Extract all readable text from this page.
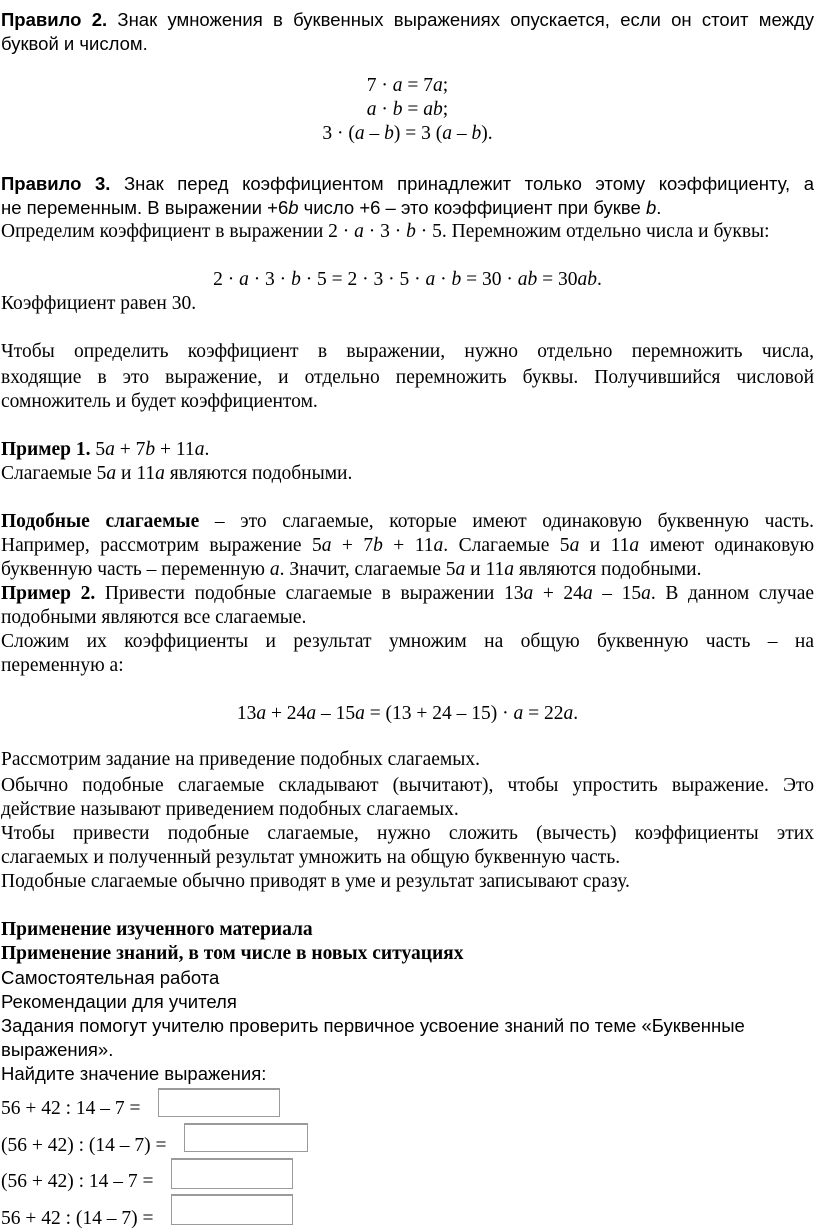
Правило 2. Знак умножения в буквенных выражениях опускается, если он стоит между
буквой и числом.
7 · a = 7a;
a · b = ab;
3 · (a – b) = 3 (a – b).
Правило 3. Знак перед коэффициентом принадлежит только этому коэффициенту, а
не переменным. В выражении +6b число +6 – это коэффициент при букве b.
Определим коэффициент в выражении 2 · a · 3 · b · 5. Перемножим отдельно числа и буквы:
2 · a · 3 · b · 5 = 2 · 3 · 5 · a · b = 30 · ab = 30ab.
Коэффициент равен 30.
Чтобы определить коэффициент в выражении, нужно отдельно перемножить числа,
входящие в это выражение, и отдельно перемножить буквы. Получившийся числовой
сомножитель и будет коэффициентом.
Пример 1. 5a + 7b + 11a.
Слагаемые 5a и 11a являются подобными.
Подобные слагаемые – это слагаемые, которые имеют одинаковую буквенную часть.
Например, рассмотрим выражение 5a + 7b + 11a. Слагаемые 5a и 11a имеют одинаковую
буквенную часть – переменную a. Значит, слагаемые 5a и 11a являются подобными.
Пример 2. Привести подобные слагаемые в выражении 13a + 24a – 15a. В данном случае
подобными являются все слагаемые.
Сложим их коэффициенты и результат умножим на общую буквенную часть – на
переменную а:
13a + 24a – 15a = (13 + 24 – 15) · a = 22a.
Рассмотрим задание на приведение подобных слагаемых.
Обычно подобные слагаемые складывают (вычитают), чтобы упростить выражение. Это
действие называют приведением подобных слагаемых.
Чтобы привести подобные слагаемые, нужно сложить (вычесть) коэффициенты этих
слагаемых и полученный результат умножить на общую буквенную часть.
Подобные слагаемые обычно приводят в уме и результат записывают сразу.
Применение изученного материала
Применение знаний, в том числе в новых ситуациях
Самостоятельная работа
Рекомендации для учителя
Задания помогут учителю проверить первичное усвоение знаний по теме «Буквенные
выражения».
Найдите значение выражения:
56 + 42 : 14 – 7 =
(56 + 42) : (14 – 7) =
(56 + 42) : 14 – 7 =
56 + 42 : (14 – 7) =
